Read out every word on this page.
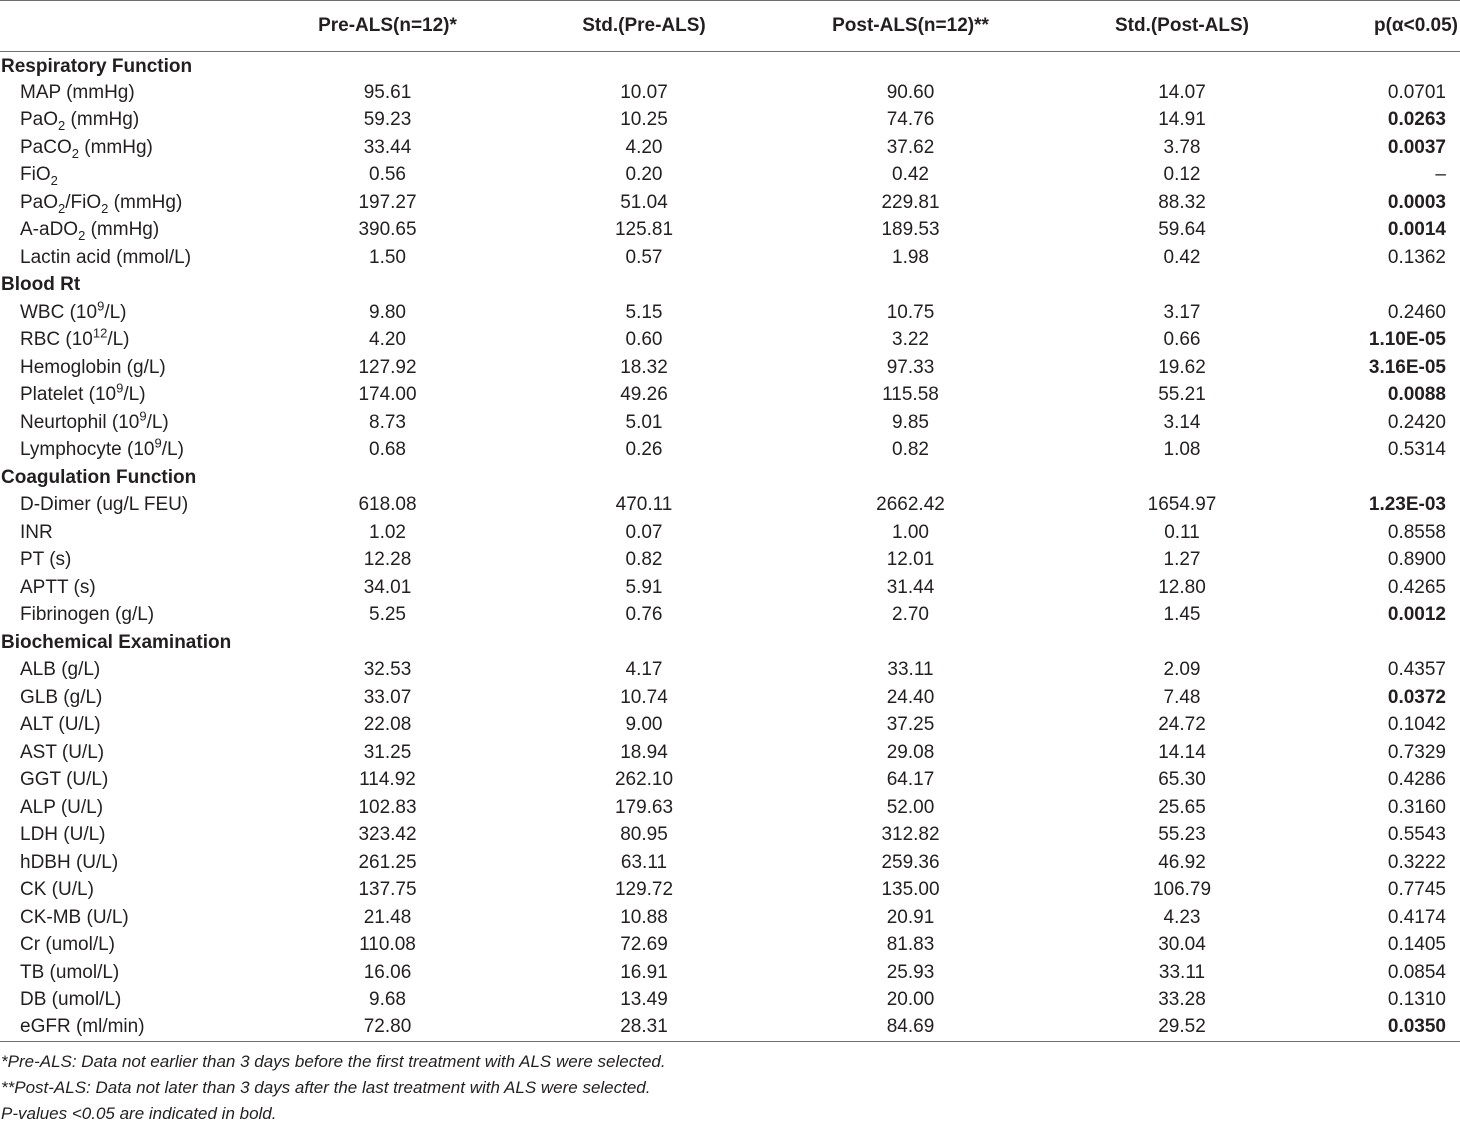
	Pre-ALS(n=12)*	Std.(Pre-ALS)	Post-ALS(n=12)**	Std.(Post-ALS)	p(α<0.05)
Respiratory Function					
MAP (mmHg)	95.61	10.07	90.60	14.07	0.0701
PaO$_2$ (mmHg)	59.23	10.25	74.76	14.91	0.0263
PaCO$_2$ (mmHg)	33.44	4.20	37.62	3.78	0.0037
FiO$_2$	0.56	0.20	0.42	0.12	–
PaO$_2$/FiO$_2$ (mmHg)	197.27	51.04	229.81	88.32	0.0003
A-aDO$_2$ (mmHg)	390.65	125.81	189.53	59.64	0.0014
Lactin acid (mmol/L)	1.50	0.57	1.98	0.42	0.1362
Blood Rt					
WBC $(10^9/L)$	9.80	5.15	10.75	3.17	0.2460
RBC $(10^{12}/L)$	4.20	0.60	3.22	0.66	1.10E-05
Hemoglobin (g/L)	127.92	18.32	97.33	19.62	3.16E-05
Platelet $(10^9/L)$	174.00	49.26	115.58	55.21	0.0088
Neurtophil $(10^9/L)$	8.73	5.01	9.85	3.14	0.2420
Lymphocyte $(10^9/L)$	0.68	0.26	0.82	1.08	0.5314
Coagulation Function					
D-Dimer (ug/L FEU)	618.08	470.11	2662.42	1654.97	1.23E-03
INR	1.02	0.07	1.00	0.11	0.8558
PT (s)	12.28	0.82	12.01	1.27	0.8900
APTT (s)	34.01	5.91	31.44	12.80	0.4265
Fibrinogen (g/L)	5.25	0.76	2.70	1.45	0.0012
Biochemical Examination					
ALB (g/L)	32.53	4.17	33.11	2.09	0.4357
GLB (g/L)	33.07	10.74	24.40	7.48	0.0372
ALT (U/L)	22.08	9.00	37.25	24.72	0.1042
AST (U/L)	31.25	18.94	29.08	14.14	0.7329
GGT (U/L)	114.92	262.10	64.17	65.30	0.4286
ALP (U/L)	102.83	179.63	52.00	25.65	0.3160
LDH (U/L)	323.42	80.95	312.82	55.23	0.5543
hDBH (U/L)	261.25	63.11	259.36	46.92	0.3222
CK (U/L)	137.75	129.72	135.00	106.79	0.7745
CK-MB (U/L)	21.48	10.88	20.91	4.23	0.4174
Cr (umol/L)	110.08	72.69	81.83	30.04	0.1405
TB (umol/L)	16.06	16.91	25.93	33.11	0.0854
DB (umol/L)	9.68	13.49	20.00	33.28	0.1310
eGFR (ml/min)	72.80	28.31	84.69	29.52	0.0350
*Pre-ALS: Data not earlier than 3 days before the first treatment with ALS were selected.
**Post-ALS: Data not later than 3 days after the last treatment with ALS were selected.
P-values <0.05 are indicated in bold.
